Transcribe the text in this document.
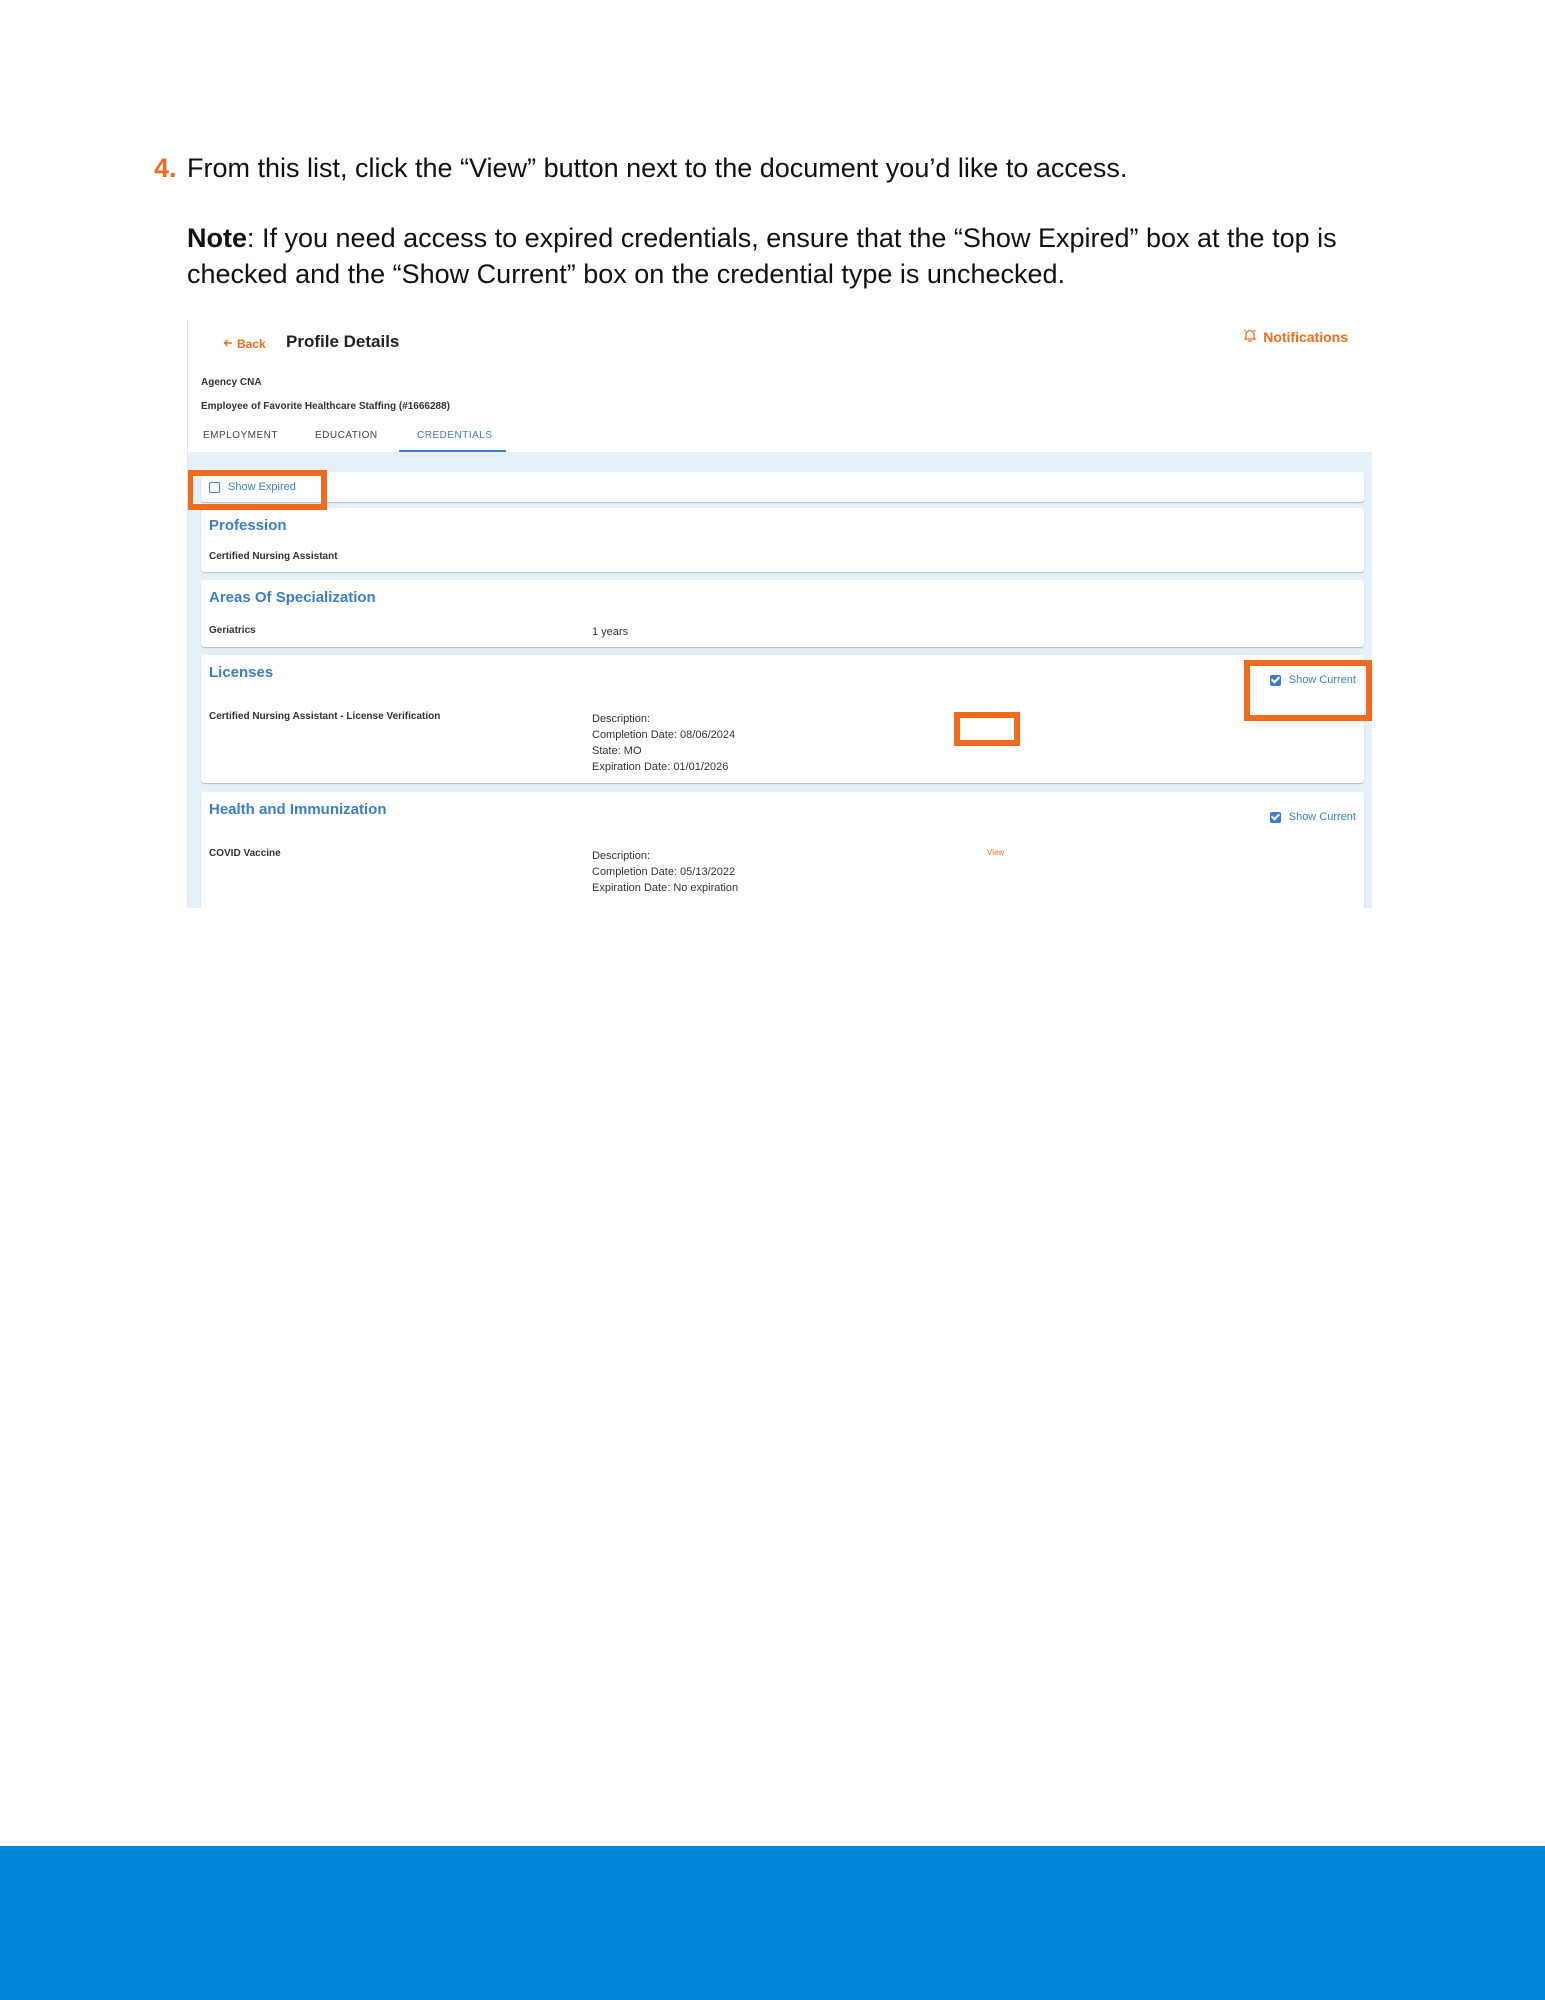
4. From this list, click the “View” button next to the document you’d like to access.
Note: If you need access to expired credentials, ensure that the “Show Expired” box at the top is checked and the “Show Current” box on the credential type is unchecked.
Back Profile Details	Notifications
Agency CNA
Employee of Favorite Healthcare Staffing (#1666288)
EMPLOYMENT	EDUCATION	CREDENTIALS
Show Expired
Profession
Certified Nursing Assistant
Areas Of Specialization
Geriatrics	1 years
Licenses	Show Current
Certified Nursing Assistant - License Verification	Description:
Completion Date: 08/06/2024
State: MO
Expiration Date: 01/01/2026
View
Health and Immunization	Show Current
COVID Vaccine	Description:
Completion Date: 05/13/2022
Expiration Date: No expiration
View
